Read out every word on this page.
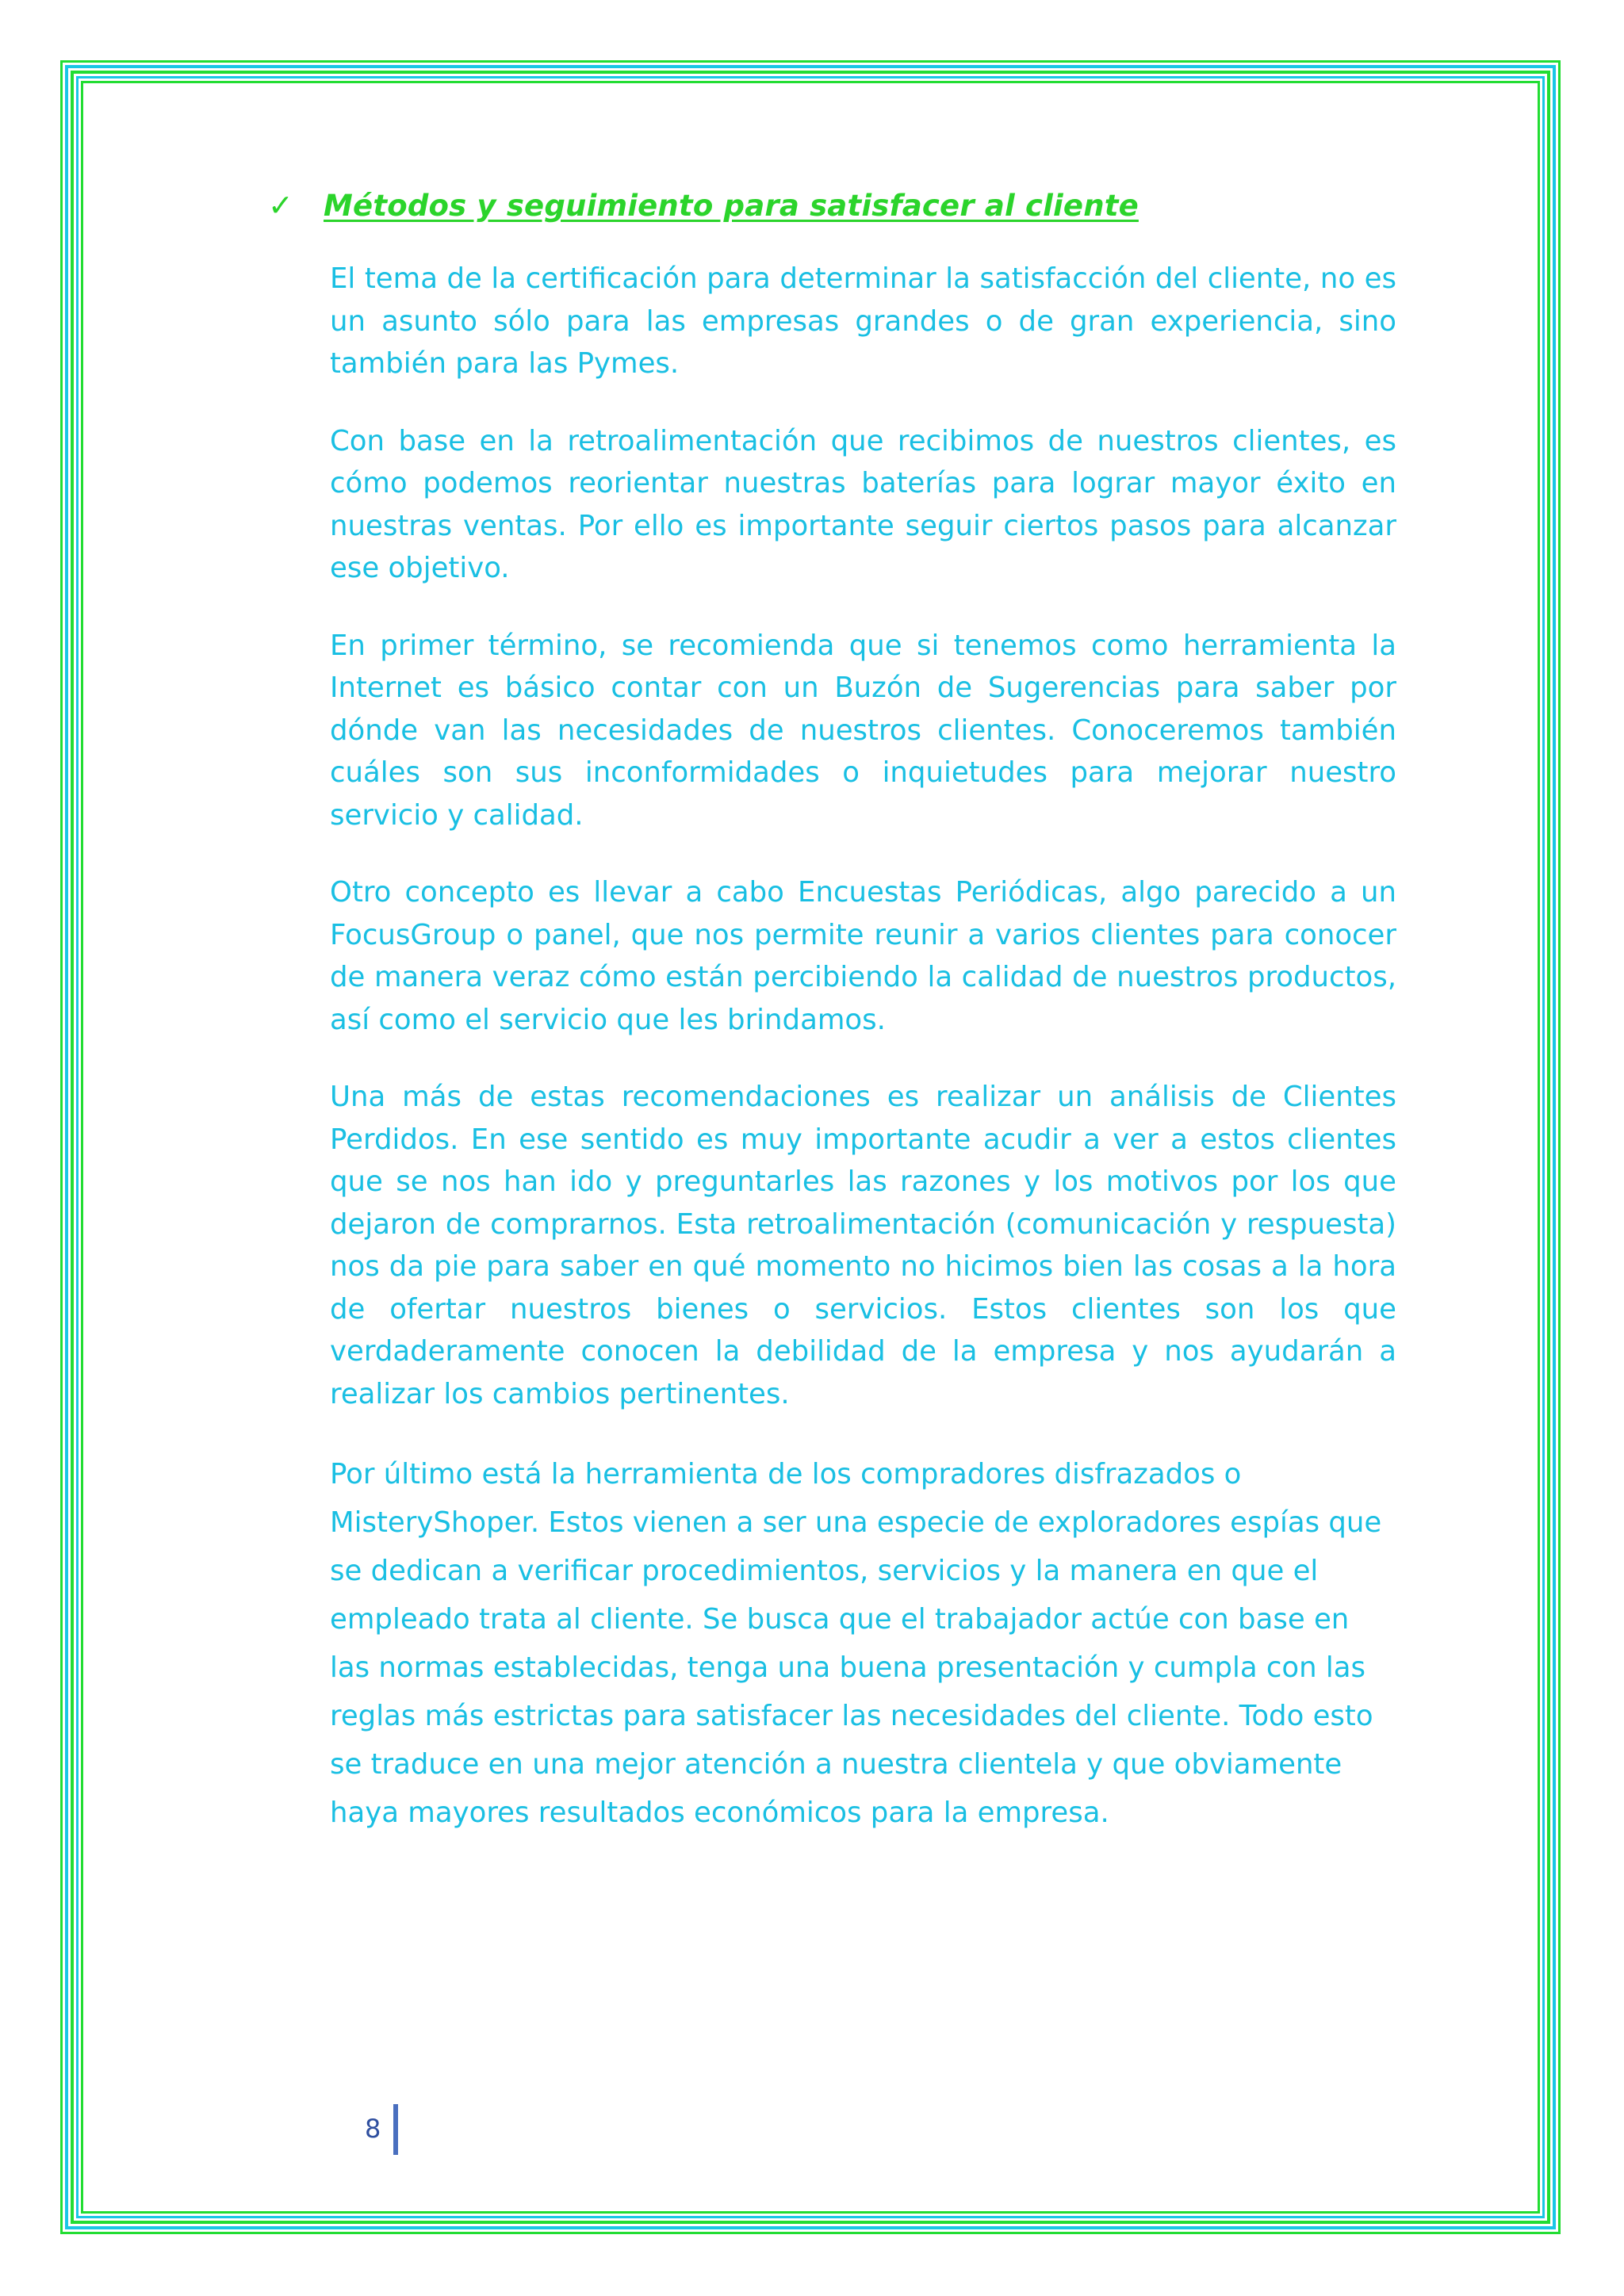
✓	Métodos y seguimiento para satisfacer al cliente

El tema de la certificación para determinar la satisfacción del cliente, no es un asunto sólo para las empresas grandes o de gran experiencia, sino también para las Pymes.

Con base en la retroalimentación que recibimos de nuestros clientes, es cómo podemos reorientar nuestras baterías para lograr mayor éxito en nuestras ventas. Por ello es importante seguir ciertos pasos para alcanzar ese objetivo.

En primer término, se recomienda que si tenemos como herramienta la Internet es básico contar con un Buzón de Sugerencias para saber por dónde van las necesidades de nuestros clientes. Conoceremos también cuáles son sus inconformidades o inquietudes para mejorar nuestro servicio y calidad.

Otro concepto es llevar a cabo Encuestas Periódicas, algo parecido a un FocusGroup o panel, que nos permite reunir a varios clientes para conocer de manera veraz cómo están percibiendo la calidad de nuestros productos, así como el servicio que les brindamos.

Una más de estas recomendaciones es realizar un análisis de Clientes Perdidos. En ese sentido es muy importante acudir a ver a estos clientes que se nos han ido y preguntarles las razones y los motivos por los que dejaron de comprarnos. Esta retroalimentación (comunicación y respuesta) nos da pie para saber en qué momento no hicimos bien las cosas a la hora de ofertar nuestros bienes o servicios. Estos clientes son los que verdaderamente conocen la debilidad de la empresa y nos ayudarán a realizar los cambios pertinentes.

Por último está la herramienta de los compradores disfrazados o MisteryShoper. Estos vienen a ser una especie de exploradores espías que se dedican a verificar procedimientos, servicios y la manera en que el empleado trata al cliente. Se busca que el trabajador actúe con base en las normas establecidas, tenga una buena presentación y cumpla con las reglas más estrictas para satisfacer las necesidades del cliente. Todo esto se traduce en una mejor atención a nuestra clientela y que obviamente haya mayores resultados económicos para la empresa.

8
